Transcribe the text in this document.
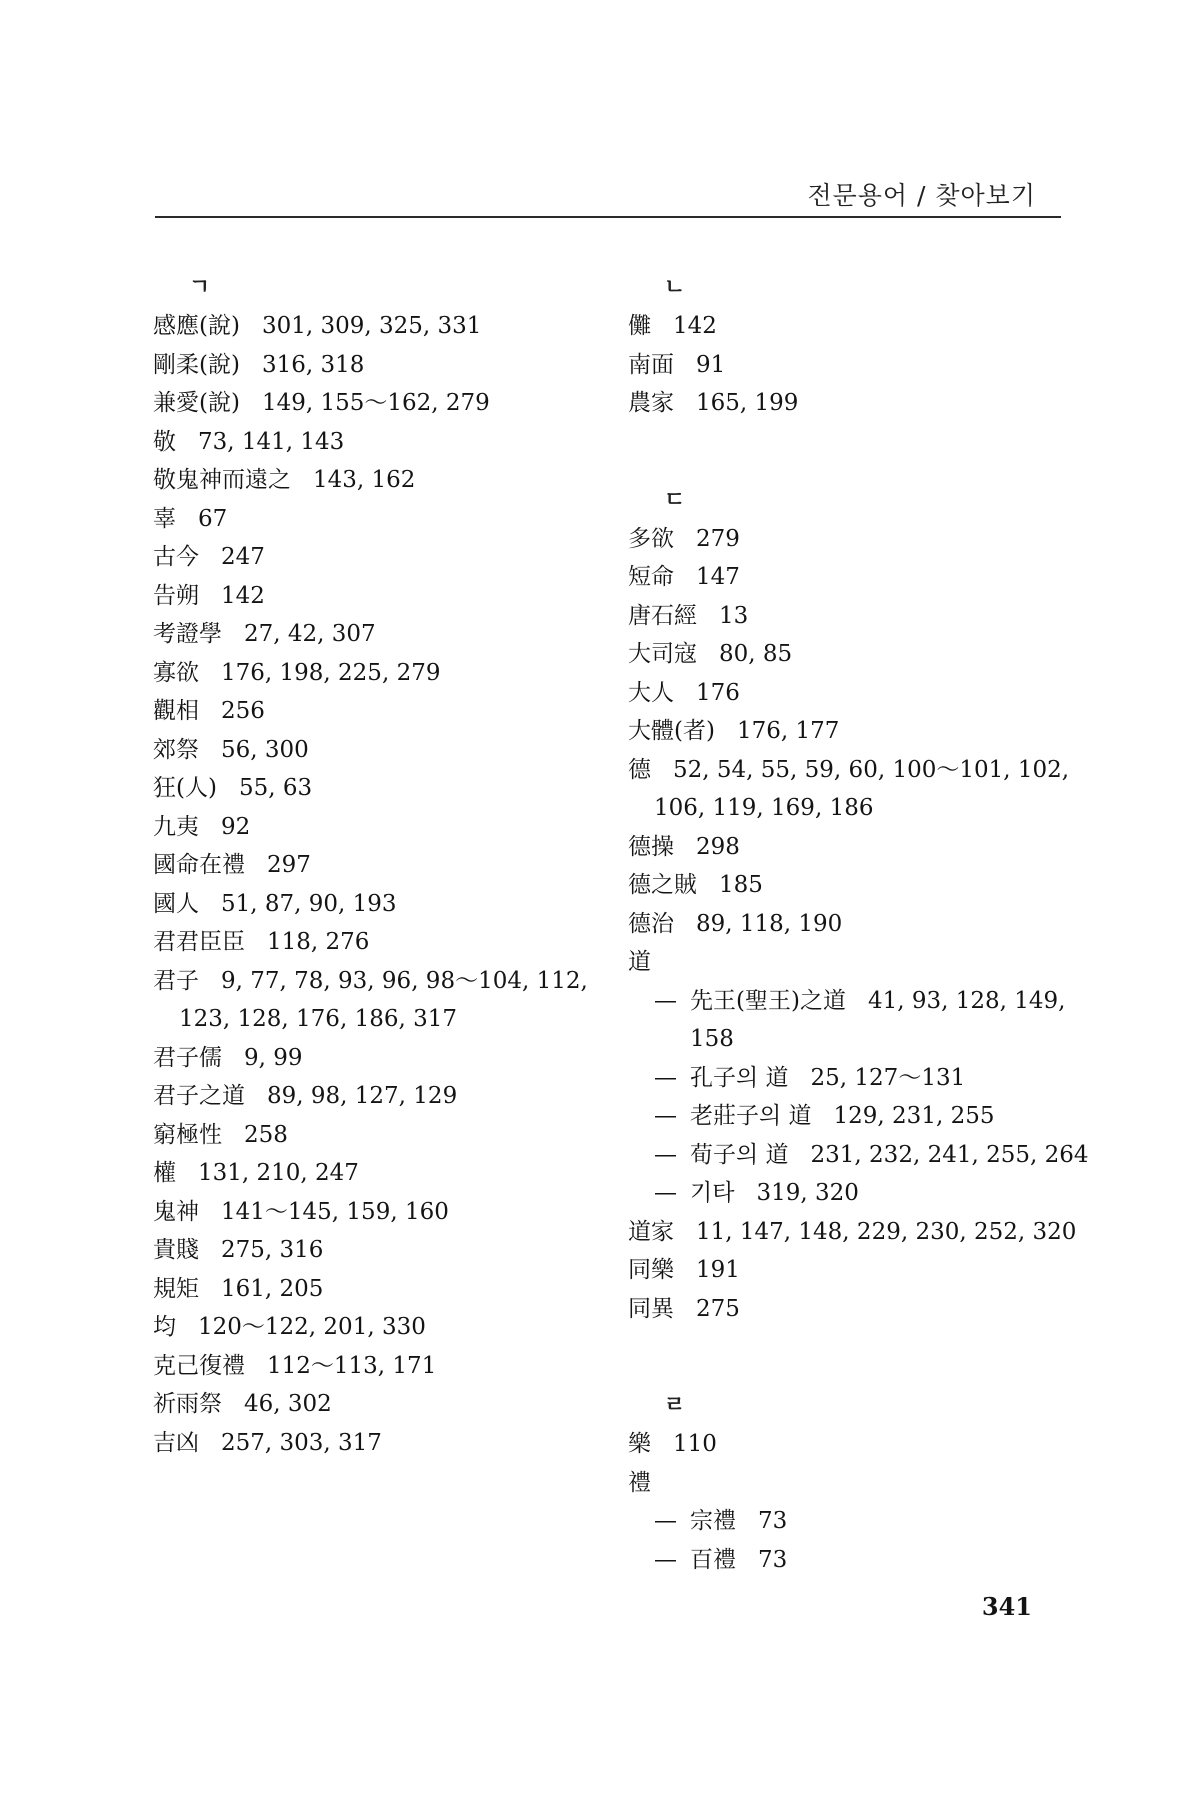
전문용어 / 찾아보기
ㄱ
感應(說) 301, 309, 325, 331
剛柔(說) 316, 318
兼愛(說) 149, 155～162, 279
敬 73, 141, 143
敬鬼神而遠之 143, 162
辜 67
古今 247
告朔 142
考證學 27, 42, 307
寡欲 176, 198, 225, 279
觀相 256
郊祭 56, 300
狂(人) 55, 63
九夷 92
國命在禮 297
國人 51, 87, 90, 193
君君臣臣 118, 276
君子 9, 77, 78, 93, 96, 98～104, 112,
123, 128, 176, 186, 317
君子儒 9, 99
君子之道 89, 98, 127, 129
窮極性 258
權 131, 210, 247
鬼神 141～145, 159, 160
貴賤 275, 316
規矩 161, 205
均 120～122, 201, 330
克己復禮 112～113, 171
祈雨祭 46, 302
吉凶 257, 303, 317
ㄴ
儺 142
南面 91
農家 165, 199
ㄷ
多欲 279
短命 147
唐石經 13
大司寇 80, 85
大人 176
大體(者) 176, 177
德 52, 54, 55, 59, 60, 100～101, 102,
106, 119, 169, 186
德操 298
德之賊 185
德治 89, 118, 190
道
— 先王(聖王)之道 41, 93, 128, 149,
158
— 孔子의 道 25, 127～131
— 老莊子의 道 129, 231, 255
— 荀子의 道 231, 232, 241, 255, 264
— 기타 319, 320
道家 11, 147, 148, 229, 230, 252, 320
同樂 191
同異 275
ㄹ
樂 110
禮
— 宗禮 73
— 百禮 73
341
